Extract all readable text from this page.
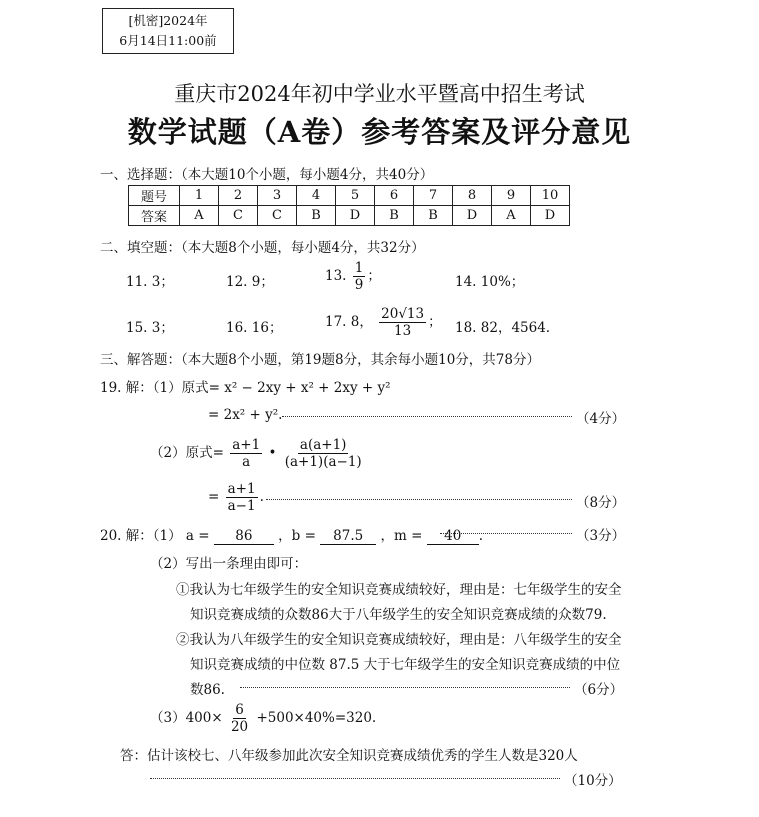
[机密]2024年
6月14日11:00前
重庆市2024年初中学业水平暨高中招生考试
数学试题（A卷）参考答案及评分意见
一、选择题：（本大题10个小题，每小题4分，共40分）
题号	1	2	3	4	5	6	7	8	9	10
答案	A	C	C	B	D	B	B	D	A	D
二、填空题：（本大题8个小题，每小题4分，共32分）
11. 3；	12. 9；	13. $\frac{1}{9}$ ；	14. 10%；
15. 3；	16. 16；	17. 8， $\frac{20√13}{13}$ ； 18. 82，4564.
三、解答题：（本大题8个小题，第19题8分，其余每小题10分，共78分）
19. 解：（1）原式= x² − 2xy + x² + 2xy + y²
= 2x² + y².	（4分）
（2）原式= $\frac{a+1}{a}$ • $\frac{a(a+1)}{(a+1)(a-1)}$
= $\frac{a+1}{a-1}$ .	（8分）
20. 解：（1） a = 86 ，b = 87.5 ，m = 40 .	（3分）
（2）写出一条理由即可：
①我认为七年级学生的安全知识竞赛成绩较好，理由是：七年级学生的安全
知识竞赛成绩的众数86大于八年级学生的安全知识竞赛成绩的众数79.
②我认为八年级学生的安全知识竞赛成绩较好，理由是：八年级学生的安全
知识竞赛成绩的中位数 87.5 大于七年级学生的安全知识竞赛成绩的中位
数86.	（6分）
$(3)400\times \frac{6}{20} +500\times 40\%=320$.
答：估计该校七、八年级参加此次安全知识竞赛成绩优秀的学生人数是320人
（10分）
